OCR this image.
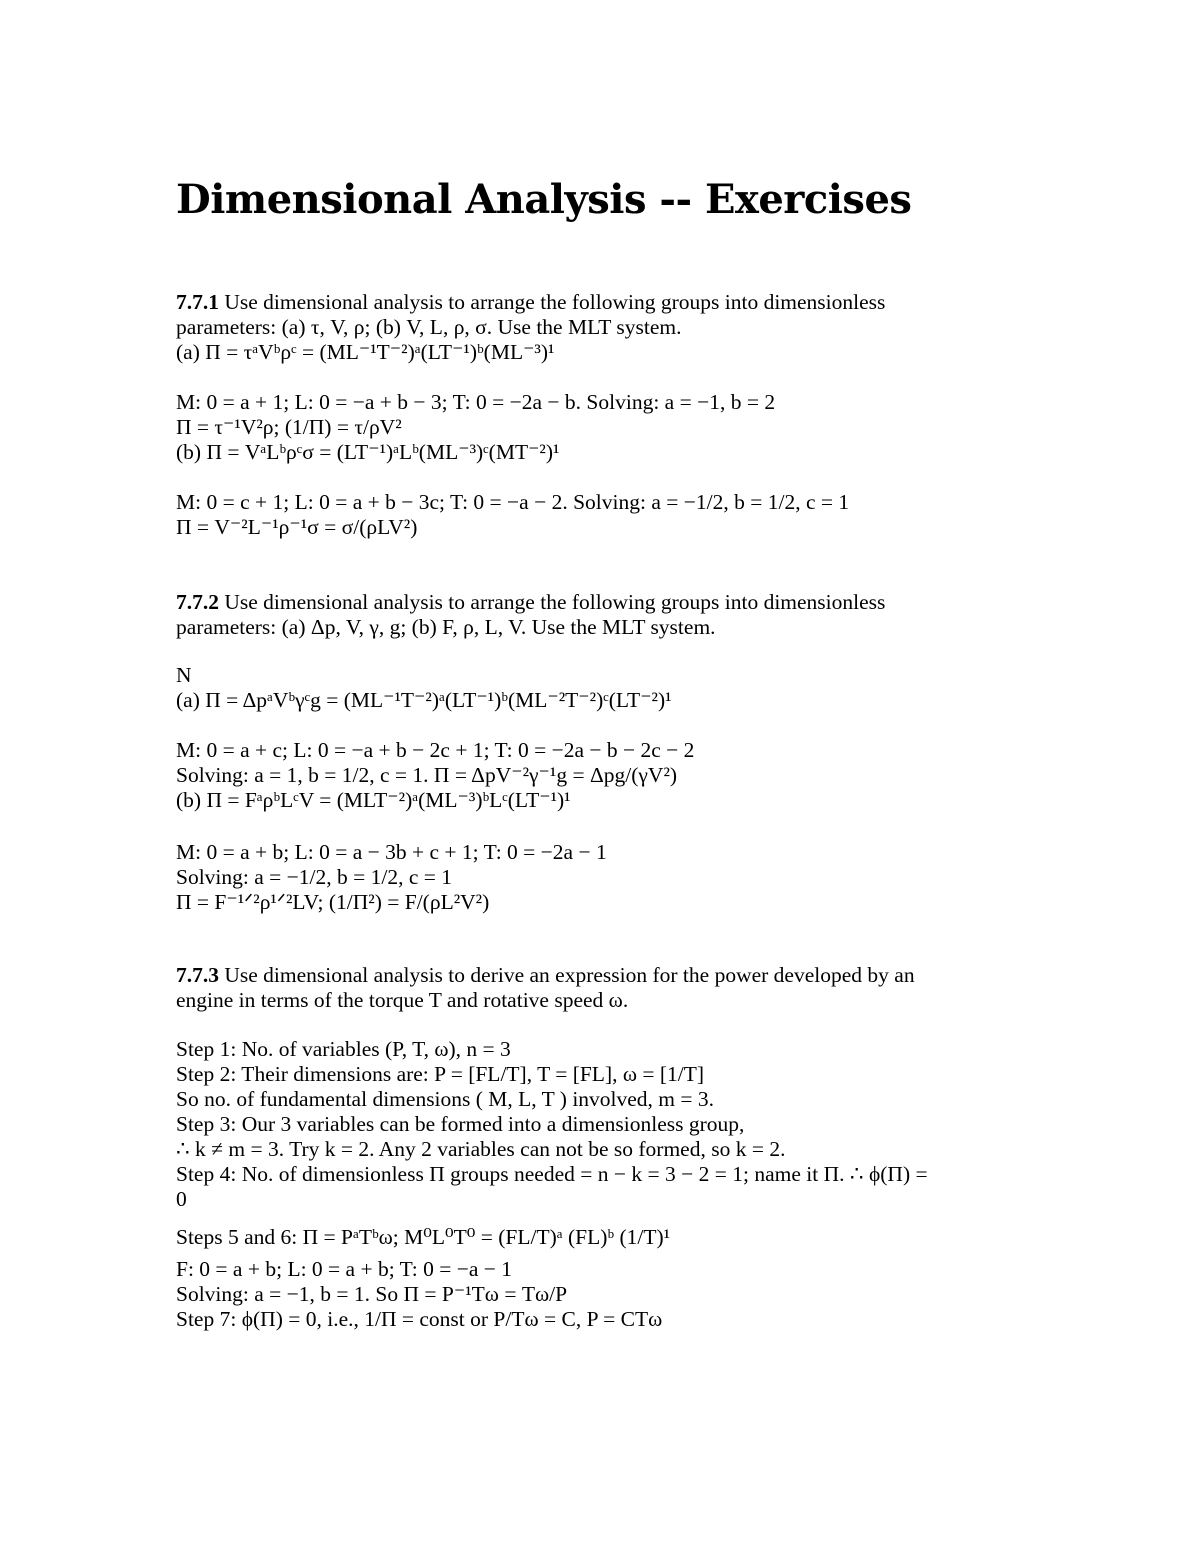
Dimensional Analysis -- Exercises
7.7.1 Use dimensional analysis to arrange the following groups into dimensionless
parameters: (a) τ, V, ρ; (b) V, L, ρ, σ. Use the MLT system.
(a) Π = τᵃVᵇρᶜ = (ML⁻¹T⁻²)ᵃ(LT⁻¹)ᵇ(ML⁻³)¹
M: 0 = a + 1; L: 0 = −a + b − 3; T: 0 = −2a − b. Solving: a = −1, b = 2
Π = τ⁻¹V²ρ; (1/Π) = τ/ρV²
(b) Π = VᵃLᵇρᶜσ = (LT⁻¹)ᵃLᵇ(ML⁻³)ᶜ(MT⁻²)¹
M: 0 = c + 1; L: 0 = a + b − 3c; T: 0 = −a − 2. Solving: a = −1/2, b = 1/2, c = 1
Π = V⁻²L⁻¹ρ⁻¹σ = σ/(ρLV²)
7.7.2 Use dimensional analysis to arrange the following groups into dimensionless
parameters: (a) Δp, V, γ, g; (b) F, ρ, L, V. Use the MLT system.
N
(a) Π = ΔpᵃVᵇγᶜg = (ML⁻¹T⁻²)ᵃ(LT⁻¹)ᵇ(ML⁻²T⁻²)ᶜ(LT⁻²)¹
M: 0 = a + c; L: 0 = −a + b − 2c + 1; T: 0 = −2a − b − 2c − 2
Solving: a = 1, b = 1/2, c = 1. Π = ΔpV⁻²γ⁻¹g = Δpg/(γV²)
(b) Π = FᵃρᵇLᶜV = (MLT⁻²)ᵃ(ML⁻³)ᵇLᶜ(LT⁻¹)¹
M: 0 = a + b; L: 0 = a − 3b + c + 1; T: 0 = −2a − 1
Solving: a = −1/2, b = 1/2, c = 1
Π = F⁻¹ᐟ²ρ¹ᐟ²LV; (1/Π²) = F/(ρL²V²)
7.7.3 Use dimensional analysis to derive an expression for the power developed by an
engine in terms of the torque T and rotative speed ω.
Step 1: No. of variables (P, T, ω), n = 3
Step 2: Their dimensions are: P = [FL/T], T = [FL], ω = [1/T]
So no. of fundamental dimensions ( M, L, T ) involved, m = 3.
Step 3: Our 3 variables can be formed into a dimensionless group,
∴ k ≠ m = 3. Try k = 2. Any 2 variables can not be so formed, so k = 2.
Step 4: No. of dimensionless Π groups needed = n − k = 3 − 2 = 1; name it Π. ∴ ϕ(Π) =
0
Steps 5 and 6: Π = PᵃTᵇω; M⁰L⁰T⁰ = (FL/T)ᵃ (FL)ᵇ (1/T)¹
F: 0 = a + b; L: 0 = a + b; T: 0 = −a − 1
Solving: a = −1, b = 1. So Π = P⁻¹Tω = Tω/P
Step 7: ϕ(Π) = 0, i.e., 1/Π = const or P/Tω = C, P = CTω
